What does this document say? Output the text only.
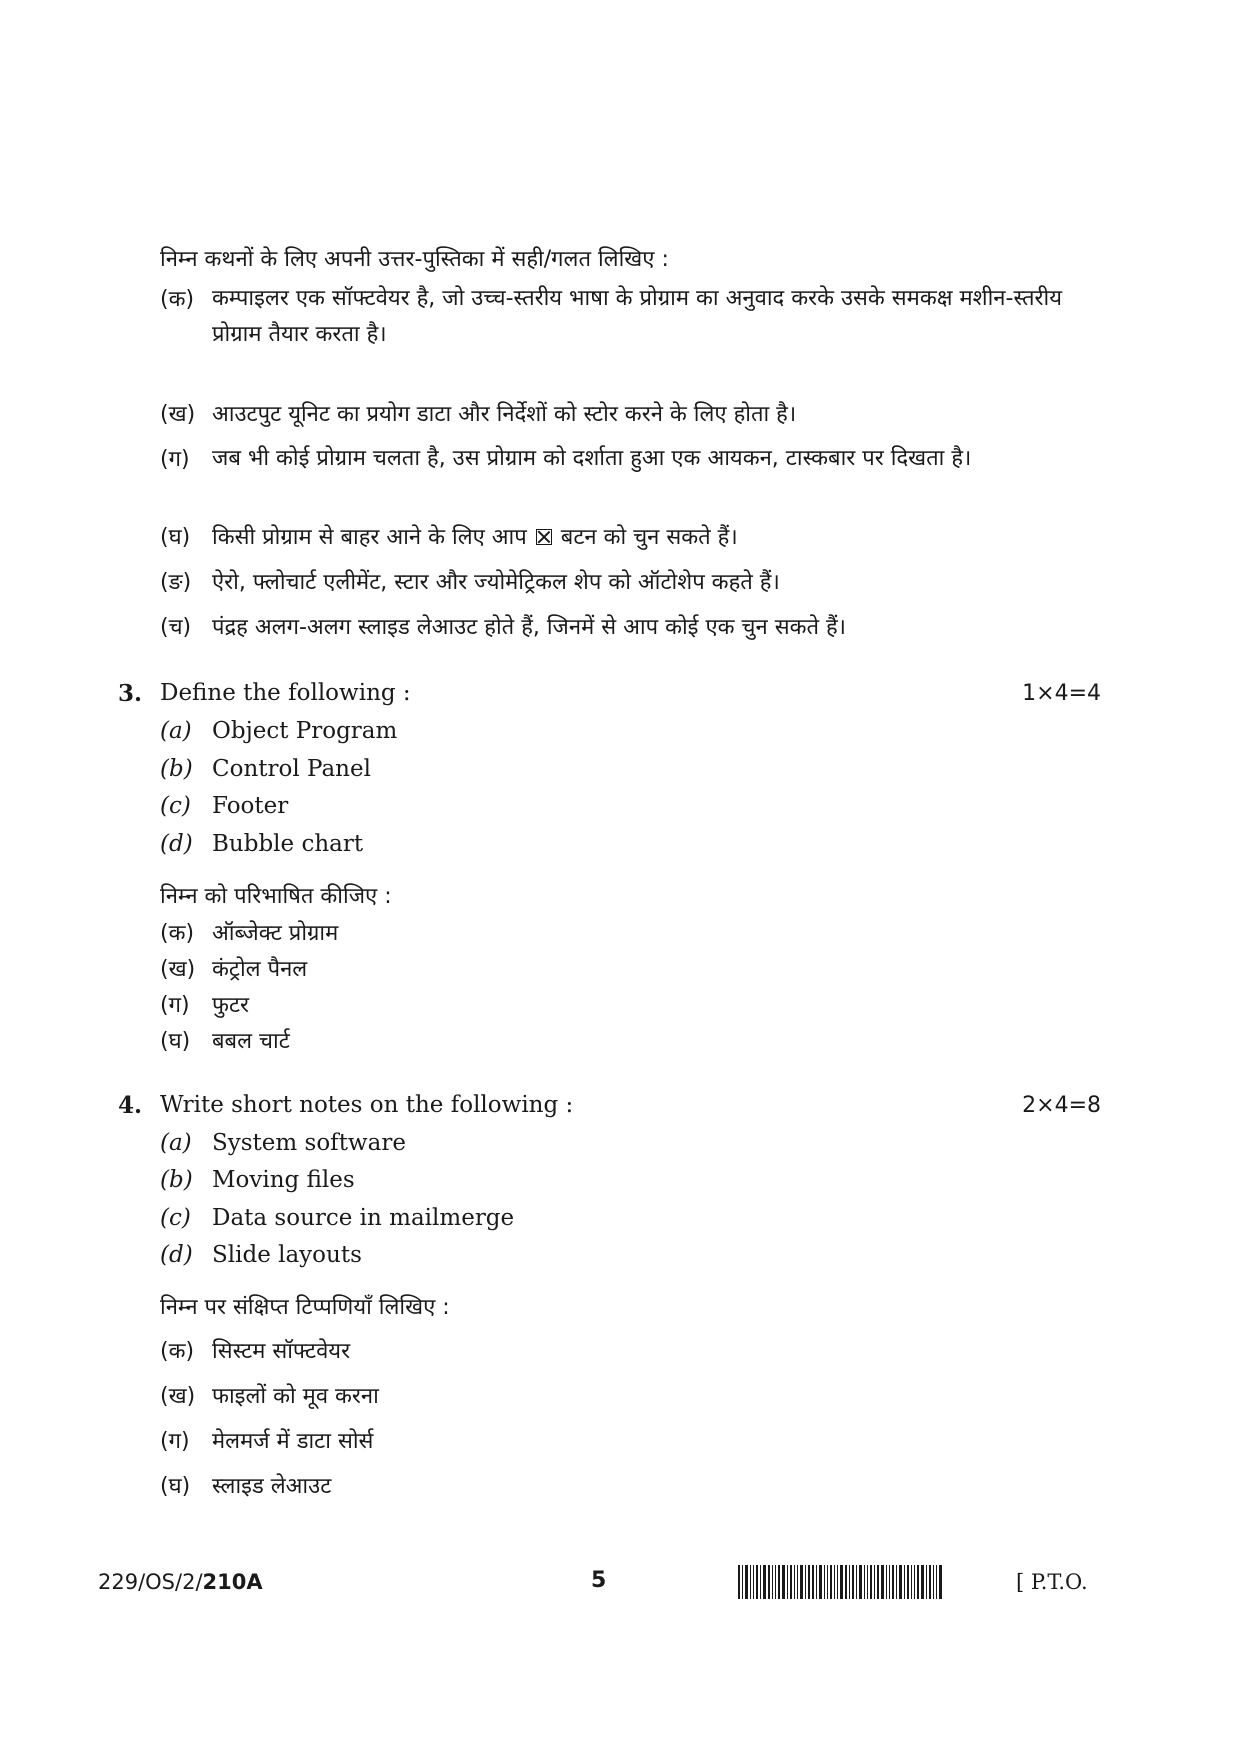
निम्न कथनों के लिए अपनी उत्तर-पुस्तिका में सही/गलत लिखिए :
(क) कम्पाइलर एक सॉफ्टवेयर है, जो उच्च-स्तरीय भाषा के प्रोग्राम का अनुवाद करके उसके समकक्ष मशीन-स्तरीय प्रोग्राम तैयार करता है।
(ख) आउटपुट यूनिट का प्रयोग डाटा और निर्देशों को स्टोर करने के लिए होता है।
(ग)	जब भी कोई प्रोग्राम चलता है, उस प्रोग्राम को दर्शाता हुआ एक आयकन, टास्कबार पर दिखता है।
(घ) किसी प्रोग्राम से बाहर आने के लिए आप बटन को चुन सकते हैं।
(ङ) ऐरो, फ्लोचार्ट एलीमेंट, स्टार और ज्योमेट्रिकल शेप को ऑटोशेप कहते हैं।
(च) पंद्रह अलग-अलग स्लाइड लेआउट होते हैं, जिनमें से आप कोई एक चुन सकते हैं।
3. Define the following :	1×4=4
(a) Object Program
(b) Control Panel
(c) Footer
(d) Bubble chart
निम्न को परिभाषित कीजिए :
(क) ऑब्जेक्ट प्रोग्राम
(ख) कंट्रोल पैनल
(ग) फुटर
(घ) बबल चार्ट
4. Write short notes on the following :	2×4=8
(a) System software
(b) Moving files
(c) Data source in mailmerge
(d) Slide layouts
निम्न पर संक्षिप्त टिप्पणियाँ लिखिए :
(क) सिस्टम सॉफ्टवेयर
(ख) फाइलों को मूव करना
(ग) मेलमर्ज में डाटा सोर्स
(घ) स्लाइड लेआउट
229/OS/2/210A	5	[ P.T.O.
